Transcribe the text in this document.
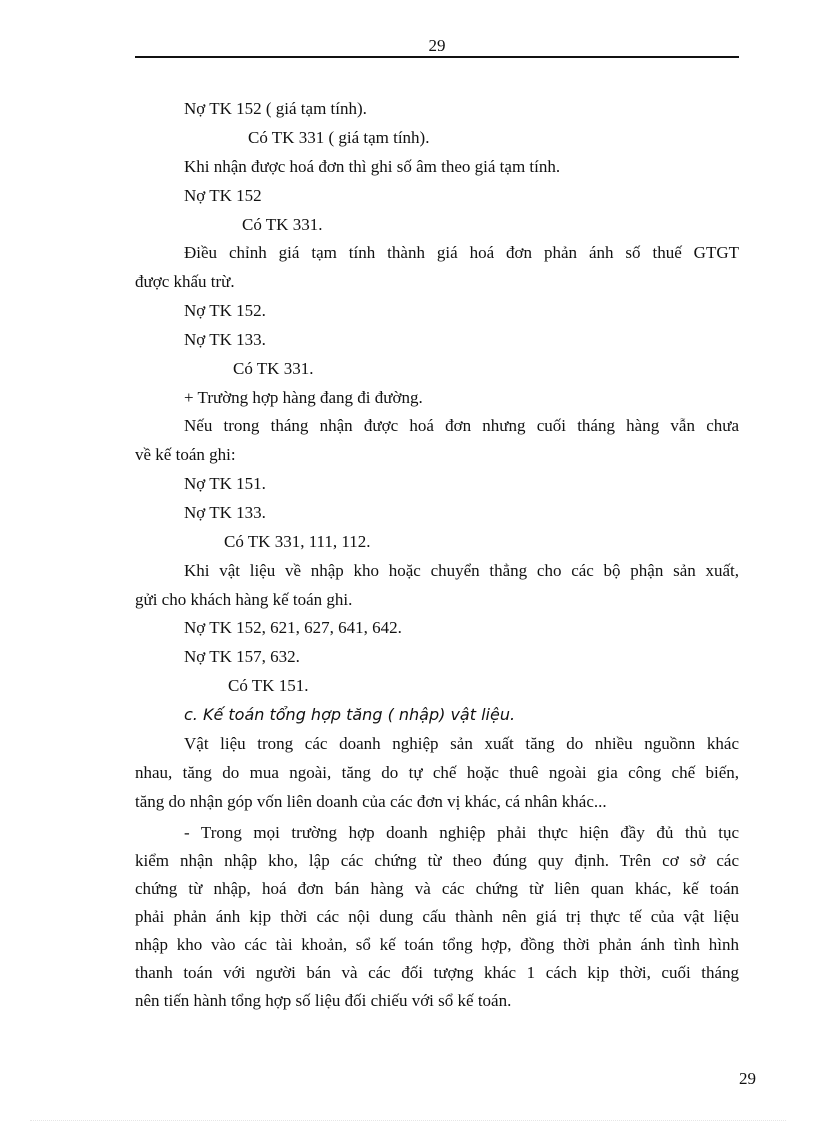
29
Nợ TK 152 ( giá tạm tính).
Có TK 331 ( giá tạm tính).
Khi nhận được hoá đơn thì ghi số âm theo giá tạm tính.
Nợ TK 152
Có TK 331.
Điều chỉnh giá tạm tính thành giá hoá đơn phản ánh số thuế GTGT
được khấu trừ.
Nợ TK 152.
Nợ TK 133.
Có TK 331.
+ Trường hợp hàng đang đi đường.
Nếu trong tháng nhận được hoá đơn nhưng cuối tháng hàng vẫn chưa
về kế toán ghi:
Nợ TK 151.
Nợ TK 133.
Có TK 331, 111, 112.
Khi vật liệu về nhập kho hoặc chuyển thẳng cho các bộ phận sản xuất,
gửi cho khách hàng kế toán ghi.
Nợ TK 152, 621, 627, 641, 642.
Nợ TK 157, 632.
Có TK 151.
c. Kế toán tổng hợp tăng ( nhập) vật liệu.
Vật liệu trong các doanh nghiệp sản xuất tăng do nhiều nguồnn khác
nhau, tăng do mua ngoài, tăng do tự chế hoặc thuê ngoài gia công chế biến,
tăng do nhận góp vốn liên doanh của các đơn vị khác, cá nhân khác...
- Trong mọi trường hợp doanh nghiệp phải thực hiện đầy đủ thủ tục
kiểm nhận nhập kho, lập các chứng từ theo đúng quy định. Trên cơ sở các
chứng từ nhập, hoá đơn bán hàng và các chứng từ liên quan khác, kế toán
phải phản ánh kịp thời các nội dung cấu thành nên giá trị thực tế của vật liệu
nhập kho vào các tài khoản, sổ kế toán tổng hợp, đồng thời phản ánh tình hình
thanh toán với người bán và các đối tượng khác 1 cách kịp thời, cuối tháng
nên tiến hành tổng hợp số liệu đối chiếu với sổ kế toán.
29
